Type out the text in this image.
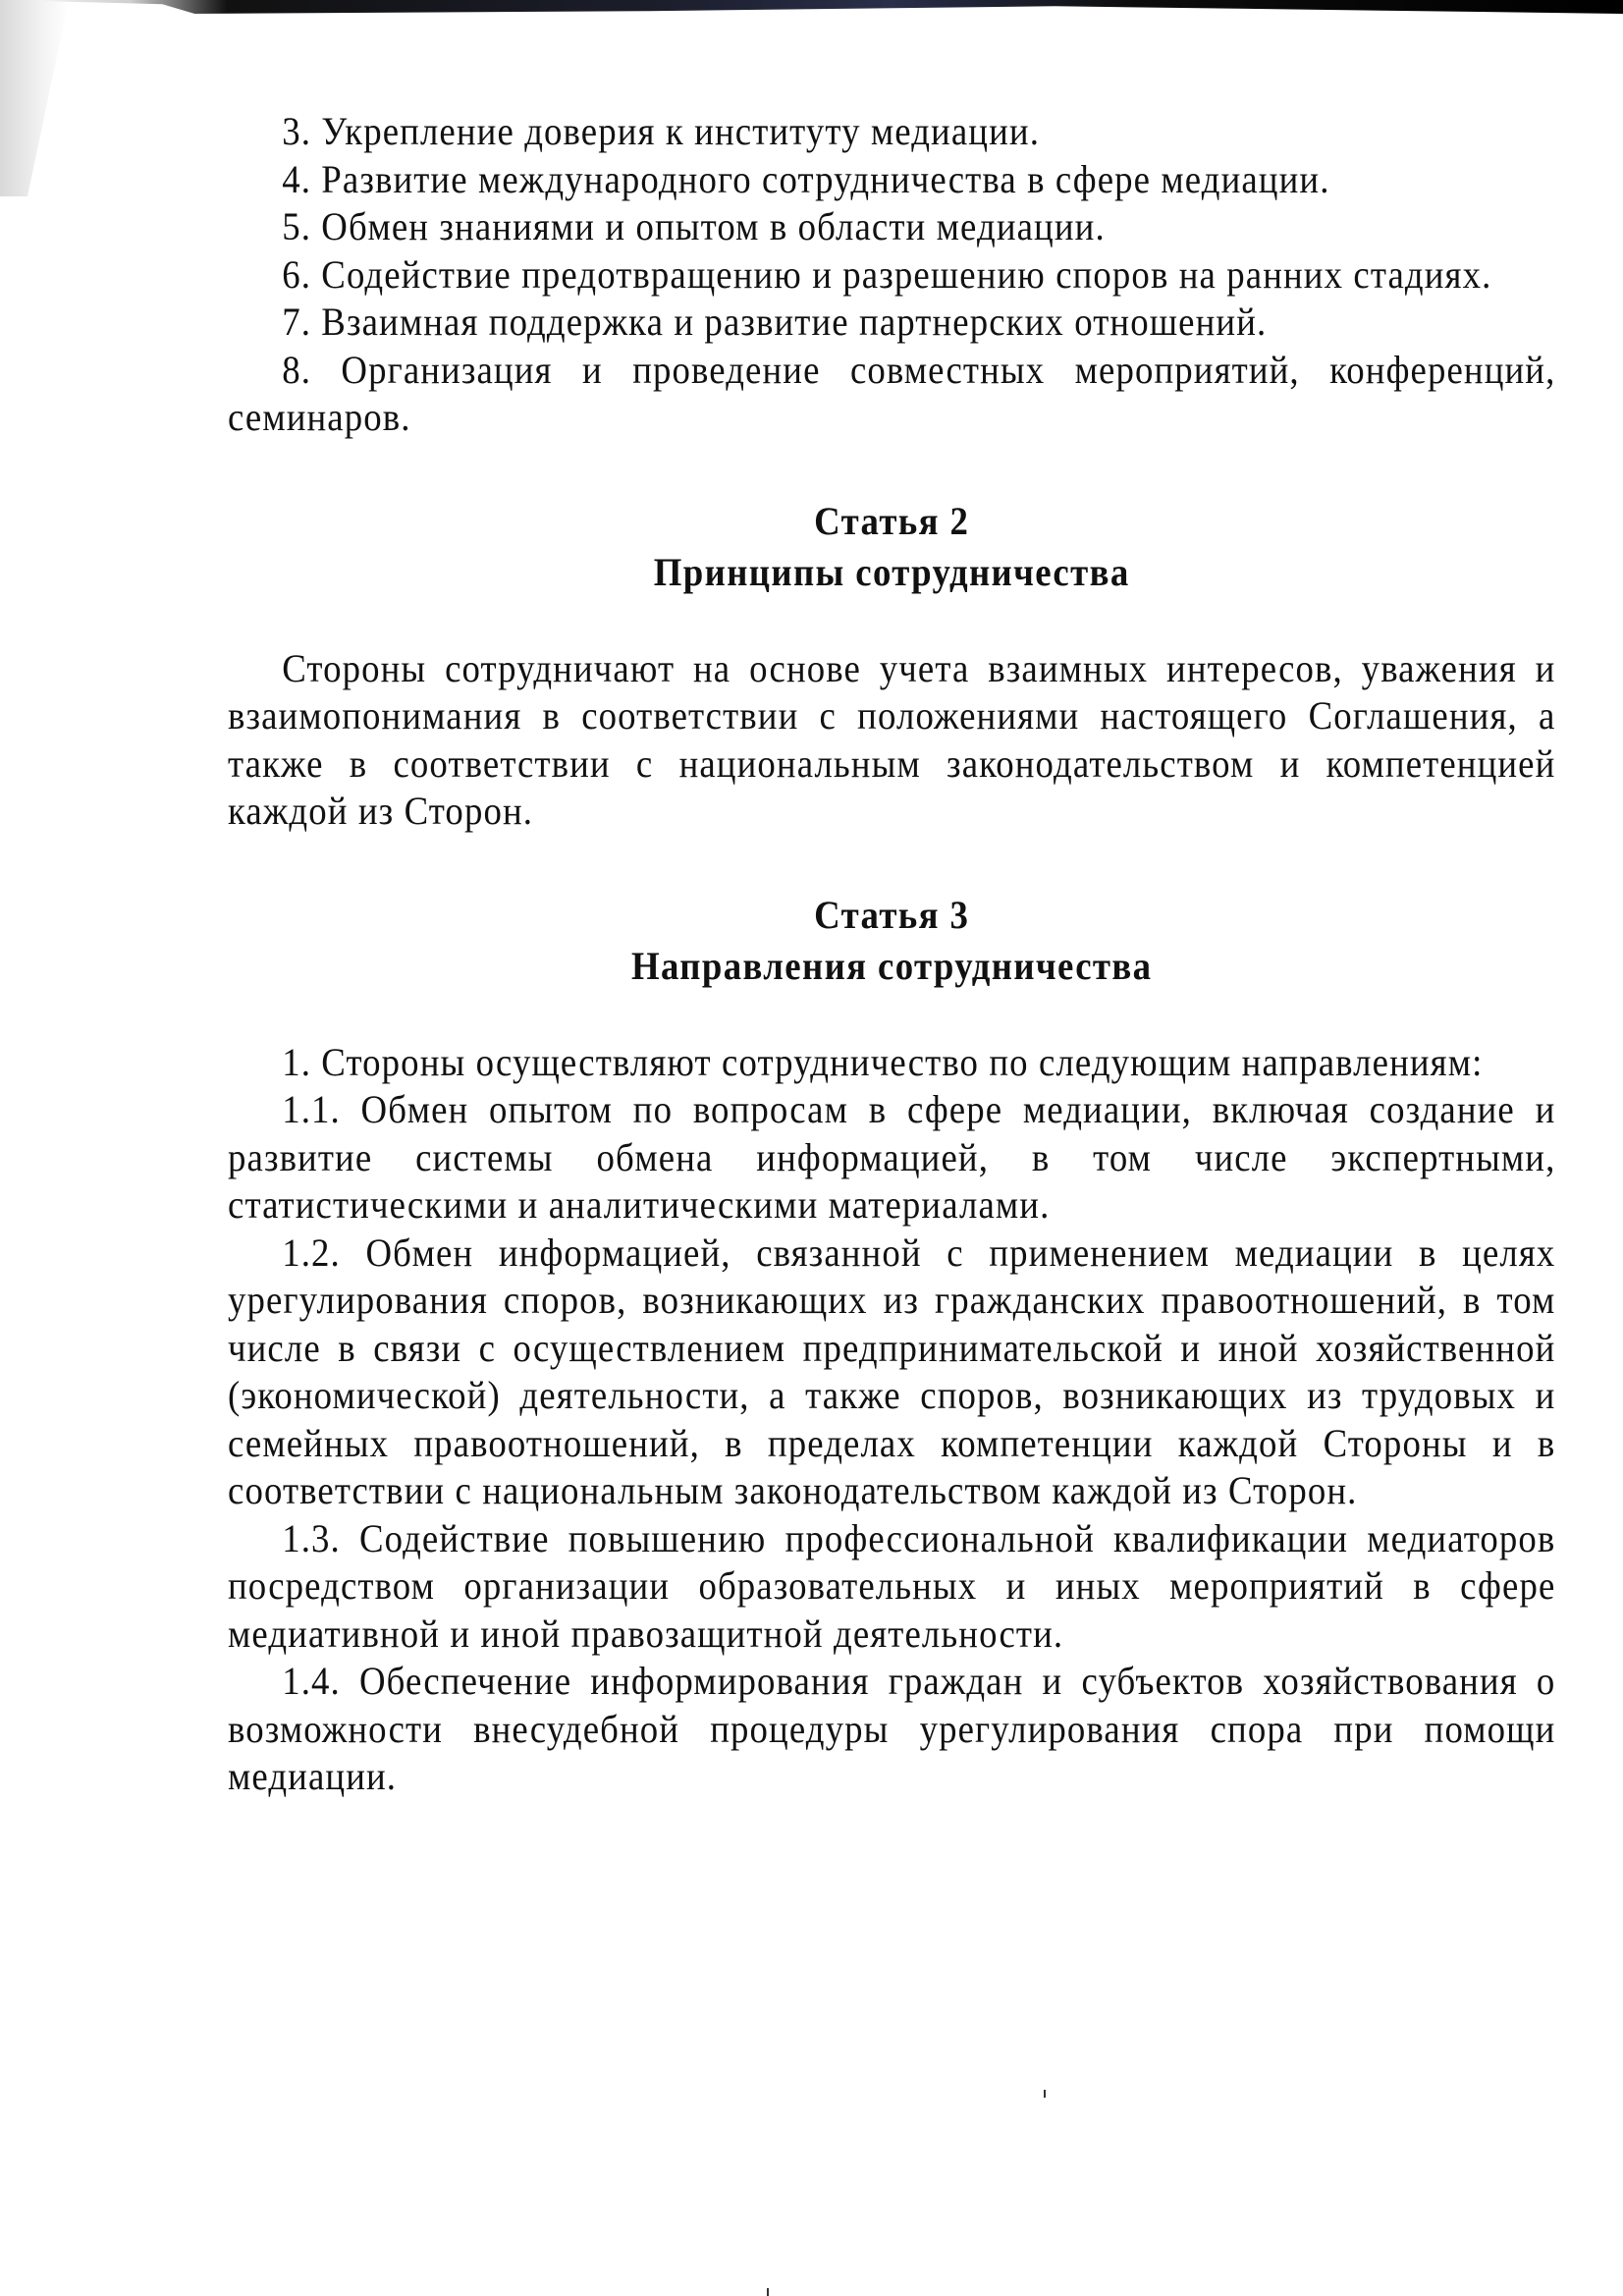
3. Укрепление доверия к институту медиации.

4. Развитие международного сотрудничества в сфере медиации.

5. Обмен знаниями и опытом в области медиации.

6. Содействие предотвращению и разрешению споров на ранних стадиях.

7. Взаимная поддержка и развитие партнерских отношений.

8. Организация и проведение совместных мероприятий, конференций, семинаров.

Статья 2
Принципы сотрудничества

Стороны сотрудничают на основе учета взаимных интересов, уважения и взаимопонимания в соответствии с положениями настоящего Соглашения, а также в соответствии с национальным законодательством и компетенцией каждой из Сторон.

Статья 3
Направления сотрудничества

1. Стороны осуществляют сотрудничество по следующим направлениям:

1.1. Обмен опытом по вопросам в сфере медиации, включая создание и развитие системы обмена информацией, в том числе экспертными, статистическими и аналитическими материалами.

1.2. Обмен информацией, связанной с применением медиации в целях урегулирования споров, возникающих из гражданских правоотношений, в том числе в связи с осуществлением предпринимательской и иной хозяйственной (экономической) деятельности, а также споров, возникающих из трудовых и семейных правоотношений, в пределах компетенции каждой Стороны и в соответствии с национальным законодательством каждой из Сторон.

1.3. Содействие повышению профессиональной квалификации медиаторов посредством организации образовательных и иных мероприятий в сфере медиативной и иной правозащитной деятельности.

1.4. Обеспечение информирования граждан и субъектов хозяйствования о возможности внесудебной процедуры урегулирования спора при помощи медиации.
